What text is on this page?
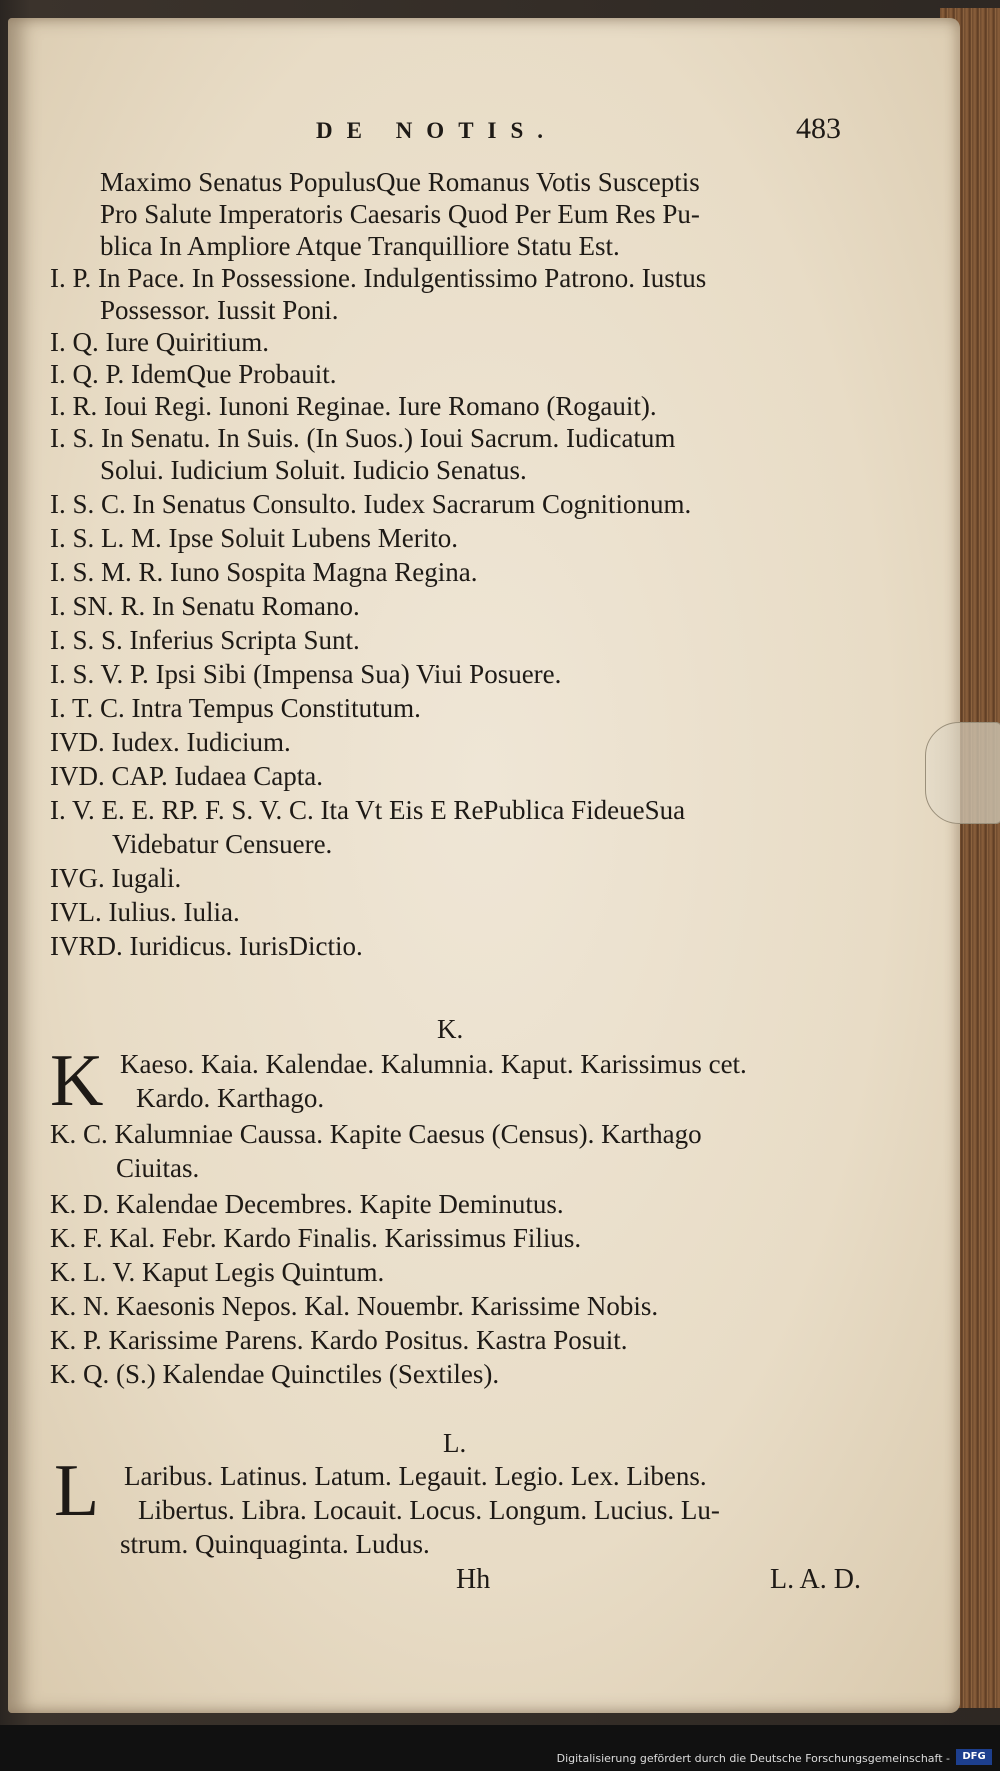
DE NOTIS.	483
Maximo Senatus PopulusQue Romanus Votis Susceptis
Pro Salute Imperatoris Caesaris Quod Per Eum Res Pu-
blica In Ampliore Atque Tranquilliore Statu Est.
I. P. In Pace. In Possessione. Indulgentissimo Patrono. Iustus
Possessor. Iussit Poni.
I. Q. Iure Quiritium.
I. Q. P. IdemQue Probauit.
I. R. Ioui Regi. Iunoni Reginae. Iure Romano (Rogauit).
I. S. In Senatu. In Suis. (In Suos.) Ioui Sacrum. Iudicatum
Solui. Iudicium Soluit. Iudicio Senatus.
I. S. C. In Senatus Consulto. Iudex Sacrarum Cognitionum.
I. S. L. M. Ipse Soluit Lubens Merito.
I. S. M. R. Iuno Sospita Magna Regina.
I. SN. R. In Senatu Romano.
I. S. S. Inferius Scripta Sunt.
I. S. V. P. Ipsi Sibi (Impensa Sua) Viui Posuere.
I. T. C. Intra Tempus Constitutum.
IVD. Iudex. Iudicium.
IVD. CAP. Iudaea Capta.
I. V. E. E. RP. F. S. V. C. Ita Vt Eis E RePublica FideueSua
Videbatur Censuere.
IVG. Iugali.
IVL. Iulius. Iulia.
IVRD. Iuridicus. IurisDictio.
K.
K Kaeso. Kaia. Kalendae. Kalumnia. Kaput. Karissimus cet.
Kardo. Karthago.
K. C. Kalumniae Caussa. Kapite Caesus (Census). Karthago
Ciuitas.
K. D. Kalendae Decembres. Kapite Deminutus.
K. F. Kal. Febr. Kardo Finalis. Karissimus Filius.
K. L. V. Kaput Legis Quintum.
K. N. Kaesonis Nepos. Kal. Nouembr. Karissime Nobis.
K. P. Karissime Parens. Kardo Positus. Kastra Posuit.
K. Q. (S.) Kalendae Quinctiles (Sextiles).
L.
L Laribus. Latinus. Latum. Legauit. Legio. Lex. Libens.
Libertus. Libra. Locauit. Locus. Longum. Lucius. Lu-
strum. Quinquaginta. Ludus.
Hh	L. A. D.
Digitalisierung gefördert durch die Deutsche Forschungsgemeinschaft -	DFG
